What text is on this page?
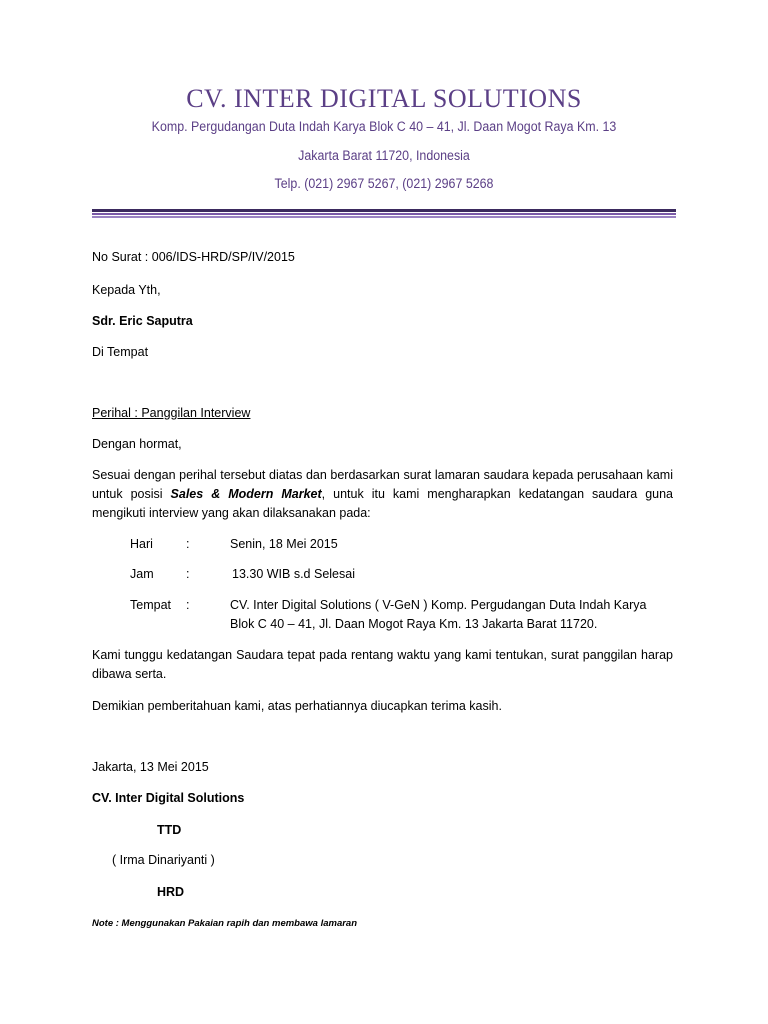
CV. INTER DIGITAL SOLUTIONS
Komp. Pergudangan Duta Indah Karya Blok C 40 – 41, Jl. Daan Mogot Raya Km. 13
Jakarta Barat 11720, Indonesia
Telp. (021) 2967 5267, (021) 2967 5268
No Surat : 006/IDS-HRD/SP/IV/2015
Kepada Yth,
Sdr. Eric Saputra
Di Tempat
Perihal : Panggilan Interview
Dengan hormat,
Sesuai dengan perihal tersebut diatas dan berdasarkan surat lamaran saudara kepada perusahaan kami untuk posisi Sales & Modern Market, untuk itu kami mengharapkan kedatangan saudara guna mengikuti interview yang akan dilaksanakan pada:
Hari	:	Senin, 18 Mei 2015
Jam	:	13.30 WIB s.d Selesai
Tempat :	CV. Inter Digital Solutions ( V-GeN ) Komp. Pergudangan Duta Indah Karya
Blok C 40 – 41, Jl. Daan Mogot Raya Km. 13 Jakarta Barat 11720.
Kami tunggu kedatangan Saudara tepat pada rentang waktu yang kami tentukan, surat panggilan harap dibawa serta.
Demikian pemberitahuan kami, atas perhatiannya diucapkan terima kasih.
Jakarta, 13 Mei 2015
CV. Inter Digital Solutions
TTD
( Irma Dinariyanti )
HRD
Note : Menggunakan Pakaian rapih dan membawa lamaran
